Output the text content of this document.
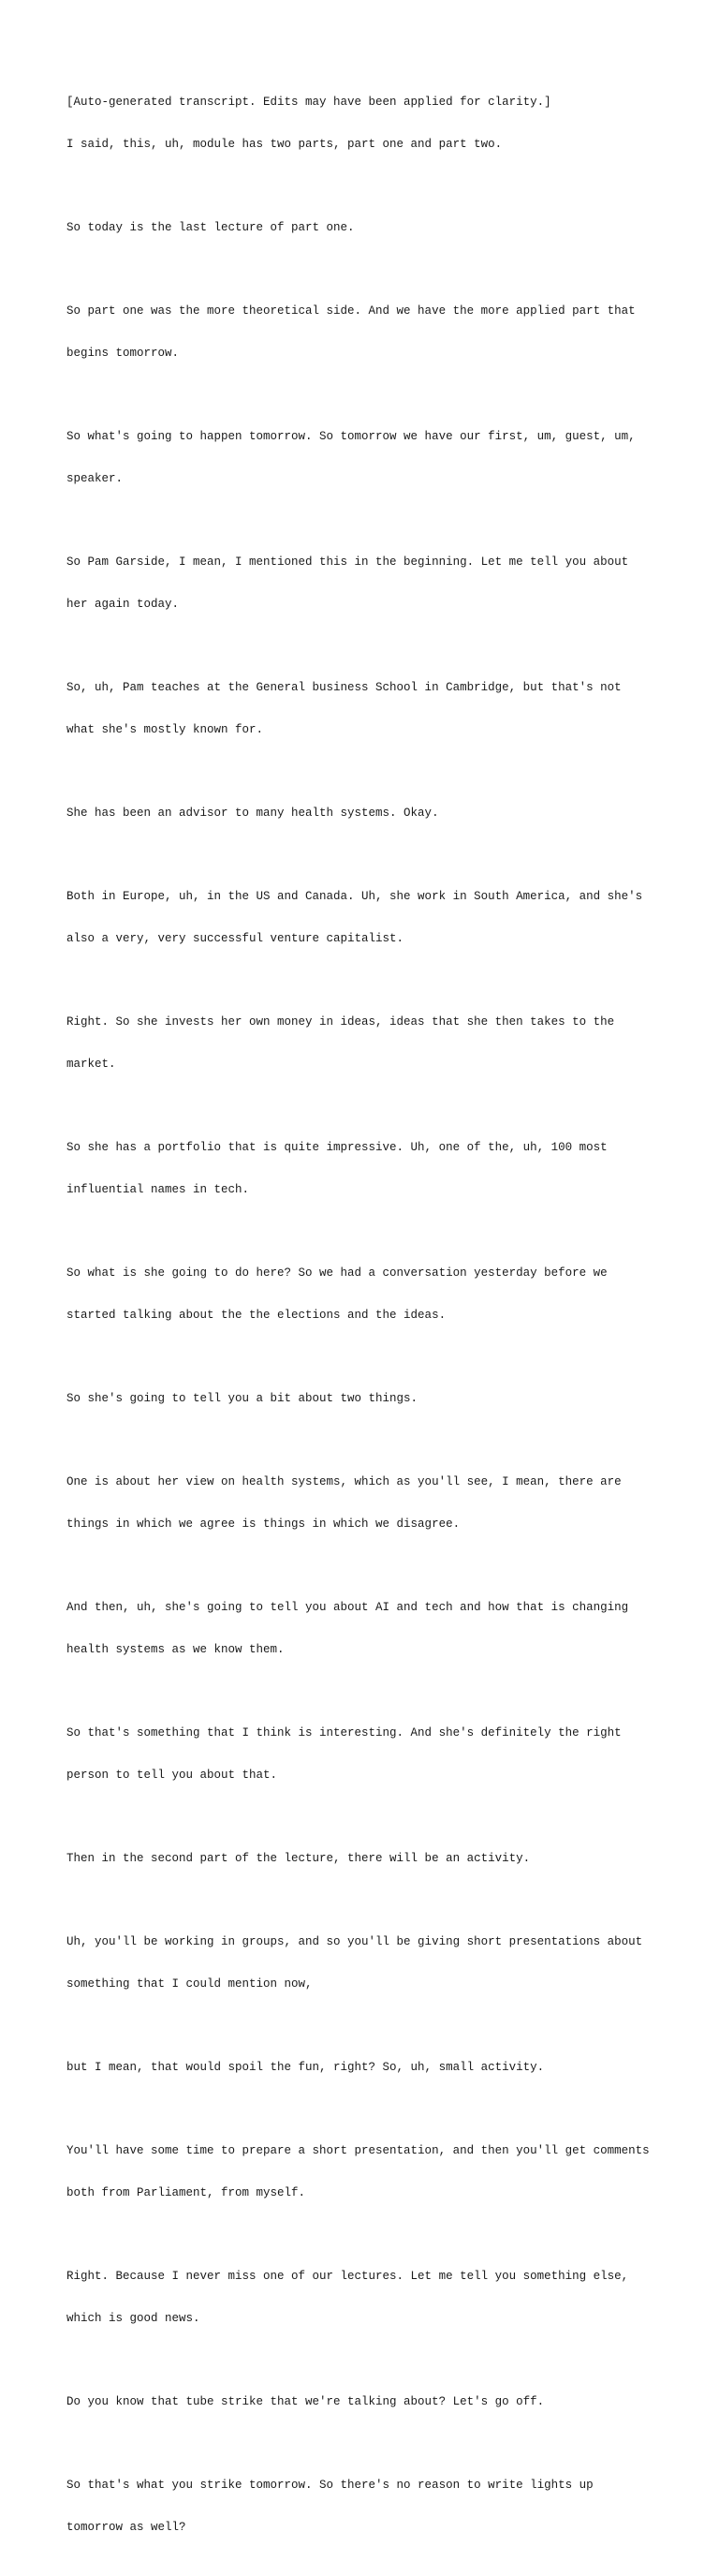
[Auto-generated transcript. Edits may have been applied for clarity.]

I said, this, uh, module has two parts, part one and part two.

So today is the last lecture of part one.

So part one was the more theoretical side. And we have the more applied part that

begins tomorrow.

So what's going to happen tomorrow. So tomorrow we have our first, um, guest, um,

speaker.

So Pam Garside, I mean, I mentioned this in the beginning. Let me tell you about

her again today.

So, uh, Pam teaches at the General business School in Cambridge, but that's not

what she's mostly known for.

She has been an advisor to many health systems. Okay.

Both in Europe, uh, in the US and Canada. Uh, she work in South America, and she's

also a very, very successful venture capitalist.

Right. So she invests her own money in ideas, ideas that she then takes to the

market.

So she has a portfolio that is quite impressive. Uh, one of the, uh, 100 most

influential names in tech.

So what is she going to do here? So we had a conversation yesterday before we

started talking about the the elections and the ideas.

So she's going to tell you a bit about two things.

One is about her view on health systems, which as you'll see, I mean, there are

things in which we agree is things in which we disagree.

And then, uh, she's going to tell you about AI and tech and how that is changing

health systems as we know them.

So that's something that I think is interesting. And she's definitely the right

person to tell you about that.

Then in the second part of the lecture, there will be an activity.

Uh, you'll be working in groups, and so you'll be giving short presentations about

something that I could mention now,

but I mean, that would spoil the fun, right? So, uh, small activity.

You'll have some time to prepare a short presentation, and then you'll get comments

both from Parliament, from myself.

Right. Because I never miss one of our lectures. Let me tell you something else,

which is good news.

Do you know that tube strike that we're talking about? Let's go off.

So that's what you strike tomorrow. So there's no reason to write lights up

tomorrow as well?
